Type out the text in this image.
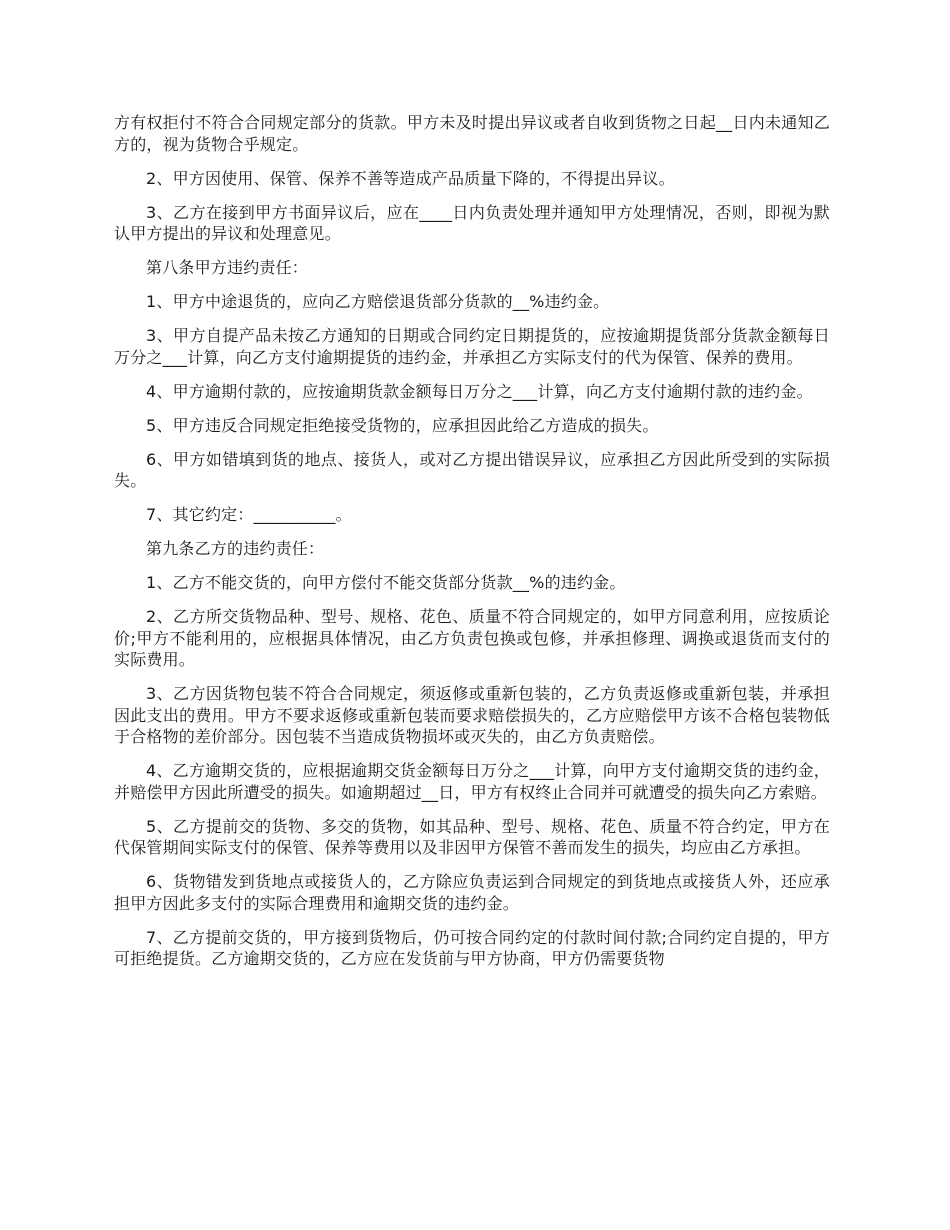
方有权拒付不符合合同规定部分的货款。甲方未及时提出异议或者自收到货物之日起__日内未通知乙方的，视为货物合乎规定。

2、甲方因使用、保管、保养不善等造成产品质量下降的，不得提出异议。

3、乙方在接到甲方书面异议后，应在____日内负责处理并通知甲方处理情况，否则，即视为默认甲方提出的异议和处理意见。

第八条甲方违约责任：

1、甲方中途退货的，应向乙方赔偿退货部分货款的__%违约金。

3、甲方自提产品未按乙方通知的日期或合同约定日期提货的，应按逾期提货部分货款金额每日万分之___计算，向乙方支付逾期提货的违约金，并承担乙方实际支付的代为保管、保养的费用。

4、甲方逾期付款的，应按逾期货款金额每日万分之___计算，向乙方支付逾期付款的违约金。

5、甲方违反合同规定拒绝接受货物的，应承担因此给乙方造成的损失。

6、甲方如错填到货的地点、接货人，或对乙方提出错误异议，应承担乙方因此所受到的实际损失。

7、其它约定：__________。

第九条乙方的违约责任：

1、乙方不能交货的，向甲方偿付不能交货部分货款__%的违约金。

2、乙方所交货物品种、型号、规格、花色、质量不符合同规定的，如甲方同意利用，应按质论价;甲方不能利用的，应根据具体情况，由乙方负责包换或包修，并承担修理、调换或退货而支付的实际费用。

3、乙方因货物包装不符合合同规定，须返修或重新包装的，乙方负责返修或重新包装，并承担因此支出的费用。甲方不要求返修或重新包装而要求赔偿损失的，乙方应赔偿甲方该不合格包装物低于合格物的差价部分。因包装不当造成货物损坏或灭失的，由乙方负责赔偿。

4、乙方逾期交货的，应根据逾期交货金额每日万分之___计算，向甲方支付逾期交货的违约金，并赔偿甲方因此所遭受的损失。如逾期超过__日，甲方有权终止合同并可就遭受的损失向乙方索赔。

5、乙方提前交的货物、多交的货物，如其品种、型号、规格、花色、质量不符合约定，甲方在代保管期间实际支付的保管、保养等费用以及非因甲方保管不善而发生的损失，均应由乙方承担。

6、货物错发到货地点或接货人的，乙方除应负责运到合同规定的到货地点或接货人外，还应承担甲方因此多支付的实际合理费用和逾期交货的违约金。

7、乙方提前交货的，甲方接到货物后，仍可按合同约定的付款时间付款;合同约定自提的，甲方可拒绝提货。乙方逾期交货的，乙方应在发货前与甲方协商，甲方仍需要货物
